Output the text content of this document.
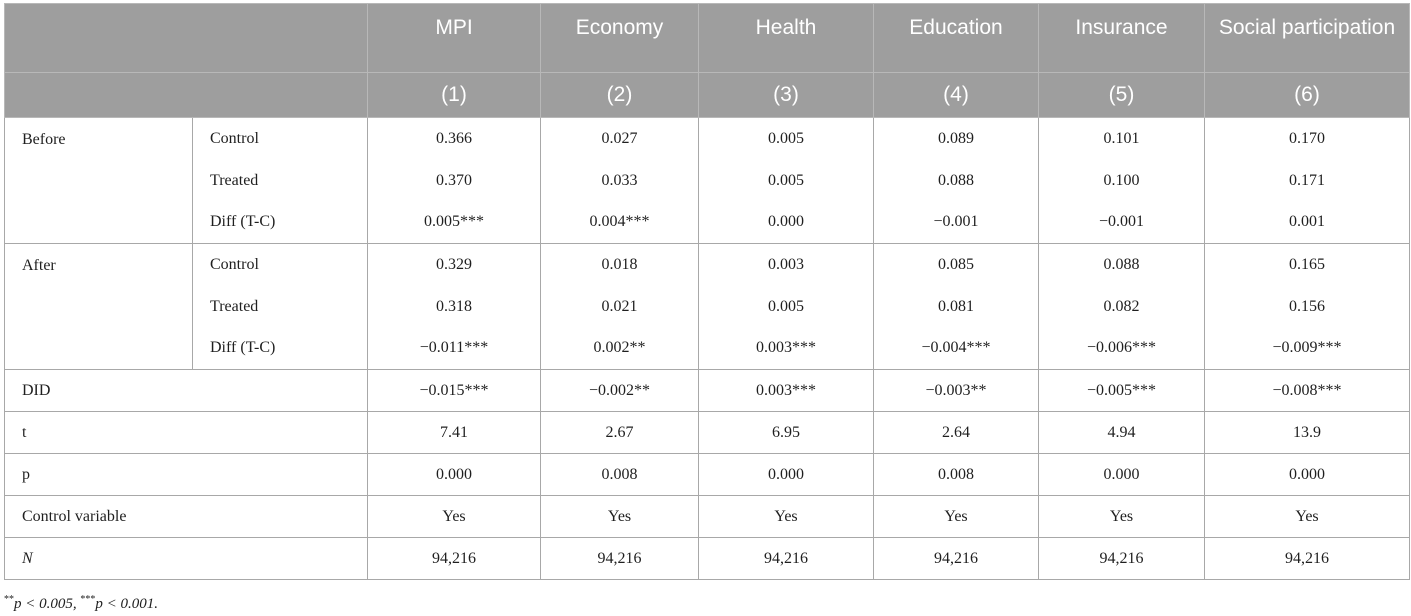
		MPI	Economy	Health	Education	Insurance	Social participation
		(1)	(2)	(3)	(4)	(5)	(6)
Before	Control	0.366	0.027	0.005	0.089	0.101	0.170
	Treated	0.370	0.033	0.005	0.088	0.100	0.171
	Diff (T-C)	0.005***	0.004***	0.000	−0.001	−0.001	0.001
After	Control	0.329	0.018	0.003	0.085	0.088	0.165
	Treated	0.318	0.021	0.005	0.081	0.082	0.156
	Diff (T-C)	−0.011***	0.002**	0.003***	−0.004***	−0.006***	−0.009***
DID		−0.015***	−0.002**	0.003***	−0.003**	−0.005***	−0.008***
t		7.41	2.67	6.95	2.64	4.94	13.9
p		0.000	0.008	0.000	0.008	0.000	0.000
Control variable		Yes	Yes	Yes	Yes	Yes	Yes
N		94,216	94,216	94,216	94,216	94,216	94,216
**p < 0.005, ***p < 0.001.
